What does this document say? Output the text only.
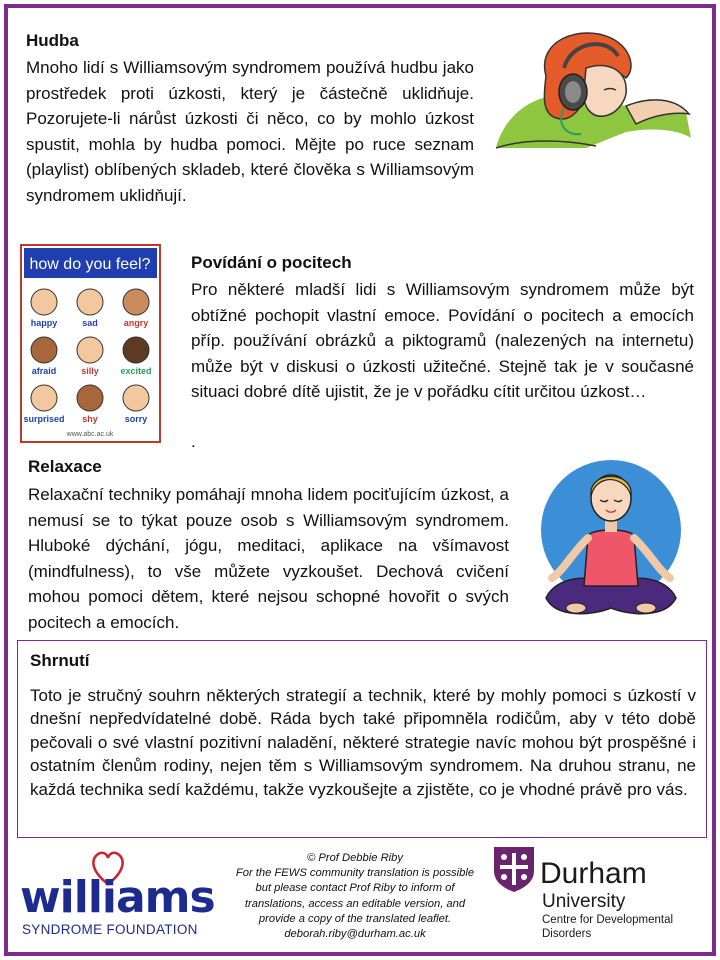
Hudba
Mnoho lidí s Williamsovým syndromem používá hudbu jako prostředek proti úzkosti, který je částečně uklidňuje. Pozorujete-li nárůst úzkosti či něco, co by mohlo úzkost spustit, mohla by hudba pomoci. Mějte po ruce seznam (playlist) oblíbených skladeb, které člověka s Williamsovým syndromem uklidňují.
how do you feel?
happy	sad	angry
afraid	silly excited
surprised shy	sorry
www.abc.ac.uk
Povídání o pocitech
Pro některé mladší lidi s Williamsovým syndromem může být obtížné pochopit vlastní emoce. Povídání o pocitech a emocích příp. používání obrázků a piktogramů (nalezených na internetu) může být v diskusi o úzkosti užitečné. Stejně tak je v současné situaci dobré dítě ujistit, že je v pořádku cítit určitou úzkost…
.
Relaxace
Relaxační techniky pomáhají mnoha lidem pociťujícím úzkost, a nemusí se to týkat pouze osob s Williamsovým syndromem. Hluboké dýchání, jógu, meditaci, aplikace na všímavost (mindfulness), to vše můžete vyzkoušet. Dechová cvičení mohou pomoci dětem, které nejsou schopné hovořit o svých pocitech a emocích.
Shrnutí
Toto je stručný souhrn některých strategií a technik, které by mohly pomoci s úzkostí v dnešní nepředvídatelné době. Ráda bych také připomněla rodičům, aby v této době pečovali o své vlastní pozitivní naladění, některé strategie navíc mohou být prospěšné i ostatním členům rodiny, nejen těm s Williamsovým syndromem. Na druhou stranu, ne každá technika sedí každému, takže vyzkoušejte a zjistěte, co je vhodné právě pro vás.
williams
SYNDROME FOUNDATION
© Prof Debbie Riby
For the FEWS community translation is possible
but please contact Prof Riby to inform of
translations, access an editable version, and
provide a copy of the translated leaflet.
deborah.riby@durham.ac.uk
Durham
University
Centre for Developmental Disorders
